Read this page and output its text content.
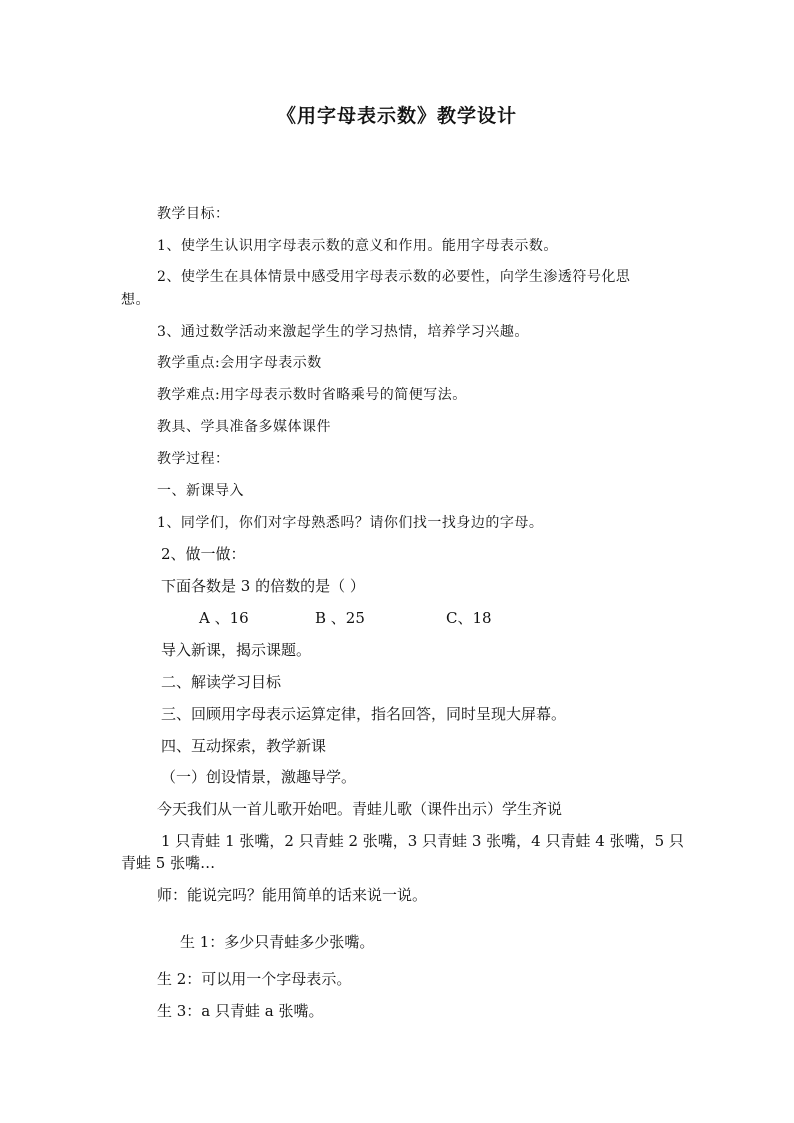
《用字母表示数》教学设计
教学目标：
1、使学生认识用字母表示数的意义和作用。能用字母表示数。
2、使学生在具体情景中感受用字母表示数的必要性，向学生渗透符号化思
想。
3、通过数学活动来激起学生的学习热情，培养学习兴趣。
教学重点:会用字母表示数
教学难点:用字母表示数时省略乘号的简便写法。
教具、学具准备多媒体课件
教学过程：
一、新课导入
1、同学们，你们对字母熟悉吗？请你们找一找身边的字母。
2、做一做：
下面各数是 3 的倍数的是（ ）
A 、16	B 、25	C、18
导入新课，揭示课题。
二、解读学习目标
三、回顾用字母表示运算定律，指名回答，同时呈现大屏幕。
四、互动探索，教学新课
（一）创设情景，激趣导学。
今天我们从一首儿歌开始吧。青蛙儿歌（课件出示）学生齐说
1 只青蛙 1 张嘴，2 只青蛙 2 张嘴，3 只青蛙 3 张嘴，4 只青蛙 4 张嘴，5 只
青蛙 5 张嘴…
师：能说完吗？能用简单的话来说一说。
生 1：多少只青蛙多少张嘴。
生 2：可以用一个字母表示。
生 3：a 只青蛙 a 张嘴。
